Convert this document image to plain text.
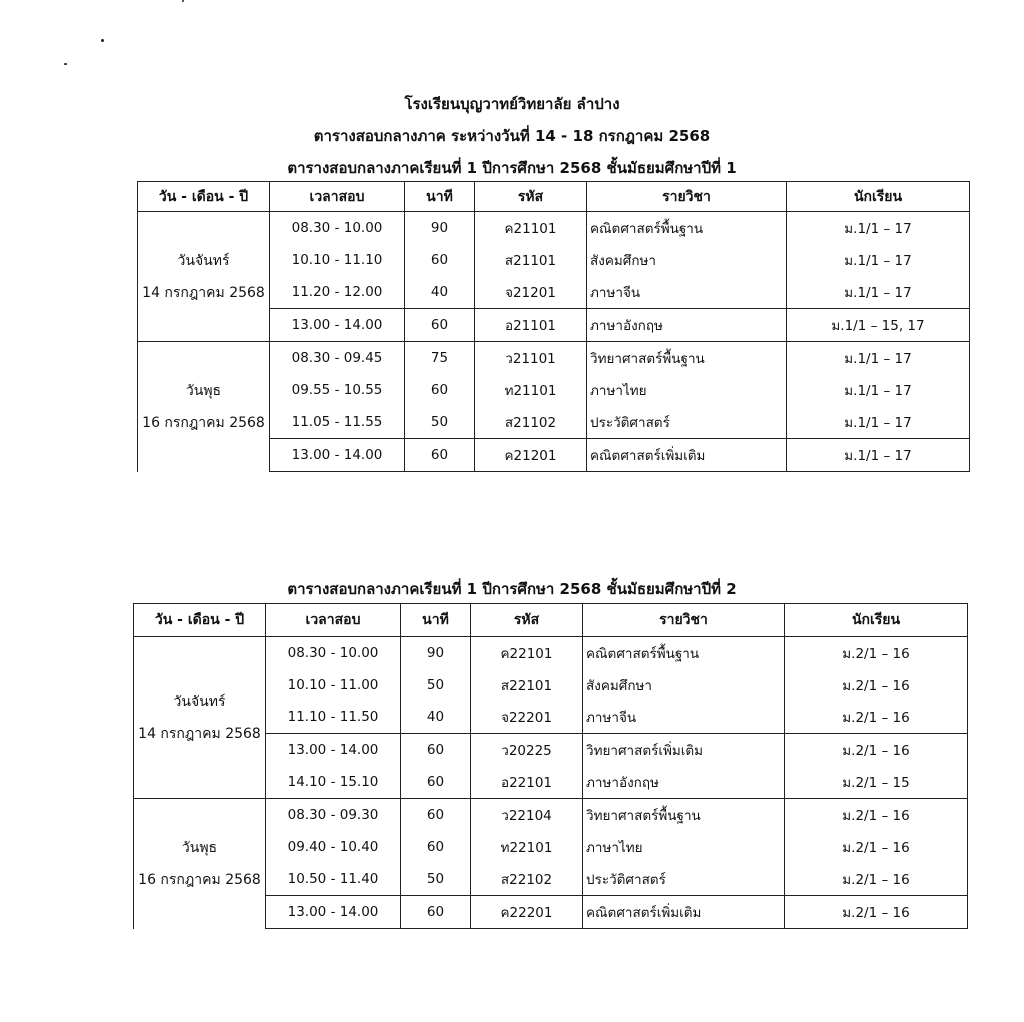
โรงเรียนบุญวาทย์วิทยาลัย ลำปาง
ตารางสอบกลางภาค ระหว่างวันที่ 14 - 18 กรกฎาคม 2568
ตารางสอบกลางภาคเรียนที่ 1 ปีการศึกษา 2568 ชั้นมัธยมศึกษาปีที่ 1
วัน - เดือน - ปี	เวลาสอบ	นาที	รหัส	รายวิชา	นักเรียน

วันจันทร์
14 กรกฎาคม 2568	08.30 - 10.00	90	ค21101	คณิตศาสตร์พื้นฐาน	ม.1/1 – 17
	10.10 - 11.10	60	ส21101	สังคมศึกษา	ม.1/1 – 17
	11.20 - 12.00	40	จ21201	ภาษาจีน	ม.1/1 – 17
	13.00 - 14.00	60	อ21101	ภาษาอังกฤษ	ม.1/1 – 15, 17

วันพุธ
16 กรกฎาคม 2568	08.30 - 09.45	75	ว21101	วิทยาศาสตร์พื้นฐาน	ม.1/1 – 17
	09.55 - 10.55	60	ท21101	ภาษาไทย	ม.1/1 – 17
	11.05 - 11.55	50	ส21102	ประวัติศาสตร์	ม.1/1 – 17
	13.00 - 14.00	60	ค21201	คณิตศาสตร์เพิ่มเติม	ม.1/1 – 17
ตารางสอบกลางภาคเรียนที่ 1 ปีการศึกษา 2568 ชั้นมัธยมศึกษาปีที่ 2
วัน - เดือน - ปี	เวลาสอบ	นาที	รหัส	รายวิชา	นักเรียน

วันจันทร์
14 กรกฎาคม 2568	08.30 - 10.00	90	ค22101	คณิตศาสตร์พื้นฐาน	ม.2/1 – 16
	10.10 - 11.00	50	ส22101	สังคมศึกษา	ม.2/1 – 16
	11.10 - 11.50	40	จ22201	ภาษาจีน	ม.2/1 – 16
	13.00 - 14.00	60	ว20225	วิทยาศาสตร์เพิ่มเติม	ม.2/1 – 16
	14.10 - 15.10	60	อ22101	ภาษาอังกฤษ	ม.2/1 – 15

วันพุธ
16 กรกฎาคม 2568	08.30 - 09.30	60	ว22104	วิทยาศาสตร์พื้นฐาน	ม.2/1 – 16
	09.40 - 10.40	60	ท22101	ภาษาไทย	ม.2/1 – 16
	10.50 - 11.40	50	ส22102	ประวัติศาสตร์	ม.2/1 – 16
	13.00 - 14.00	60	ค22201	คณิตศาสตร์เพิ่มเติม	ม.2/1 – 16
